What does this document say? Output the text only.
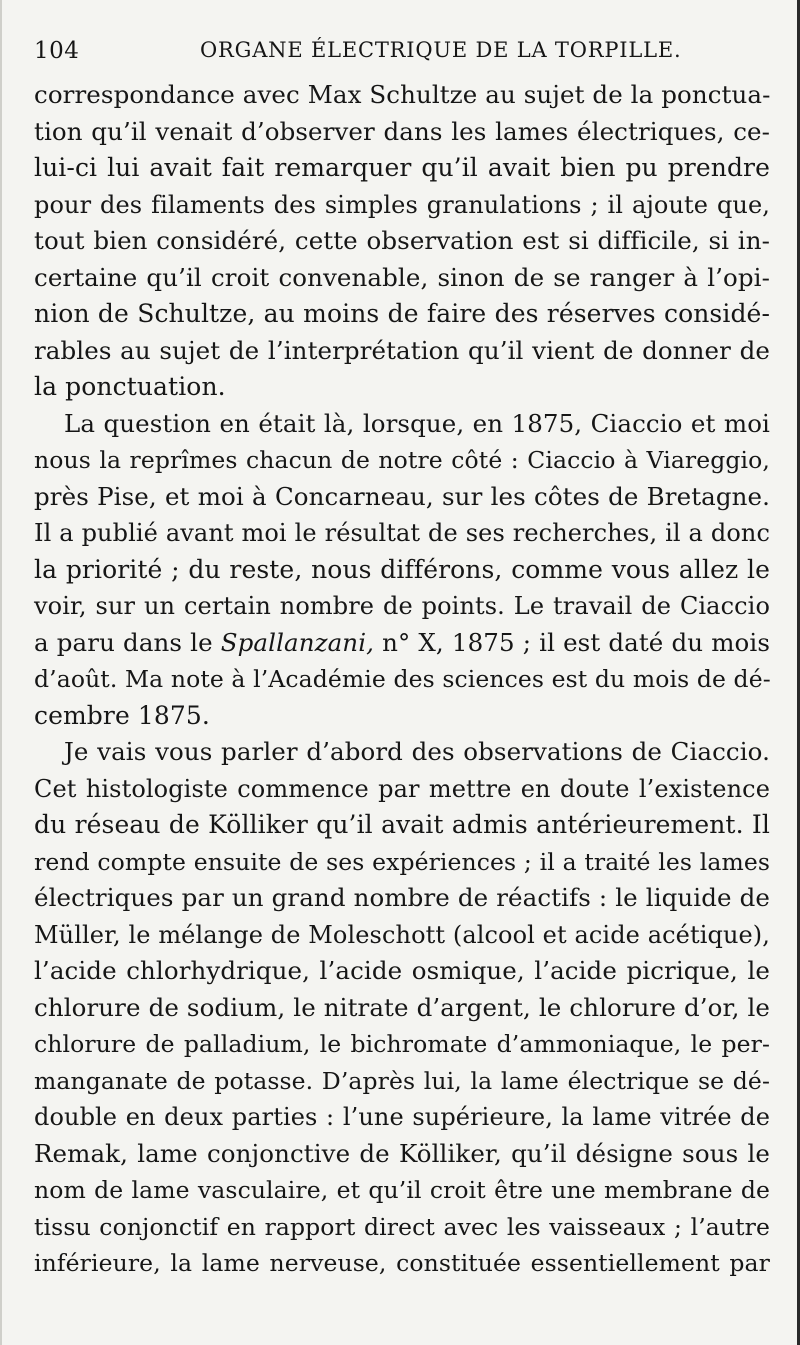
104	ORGANE ÉLECTRIQUE DE LA TORPILLE.
correspondance avec Max Schultze au sujet de la ponctua-
tion qu’il venait d’observer dans les lames électriques, ce-
lui-ci lui avait fait remarquer qu’il avait bien pu prendre
pour des filaments des simples granulations ; il ajoute que,
tout bien considéré, cette observation est si difficile, si in-
certaine qu’il croit convenable, sinon de se ranger à l’opi-
nion de Schultze, au moins de faire des réserves considé-
rables au sujet de l’interprétation qu’il vient de donner de
la ponctuation.
La question en était là, lorsque, en 1875, Ciaccio et moi
nous la reprîmes chacun de notre côté : Ciaccio à Viareggio,
près Pise, et moi à Concarneau, sur les côtes de Bretagne.
Il a publié avant moi le résultat de ses recherches, il a donc
la priorité ; du reste, nous différons, comme vous allez le
voir, sur un certain nombre de points. Le travail de Ciaccio
a paru dans le Spallanzani, n° X, 1875 ; il est daté du mois
d’août. Ma note à l’Académie des sciences est du mois de dé-
cembre 1875.
Je vais vous parler d’abord des observations de Ciaccio.
Cet histologiste commence par mettre en doute l’existence
du réseau de Kölliker qu’il avait admis antérieurement. Il
rend compte ensuite de ses expériences ; il a traité les lames
électriques par un grand nombre de réactifs : le liquide de
Müller, le mélange de Moleschott (alcool et acide acétique),
l’acide chlorhydrique, l’acide osmique, l’acide picrique, le
chlorure de sodium, le nitrate d’argent, le chlorure d’or, le
chlorure de palladium, le bichromate d’ammoniaque, le per-
manganate de potasse. D’après lui, la lame électrique se dé-
double en deux parties : l’une supérieure, la lame vitrée de
Remak, lame conjonctive de Kölliker, qu’il désigne sous le
nom de lame vasculaire, et qu’il croit être une membrane de
tissu conjonctif en rapport direct avec les vaisseaux ; l’autre
inférieure, la lame nerveuse, constituée essentiellement par
